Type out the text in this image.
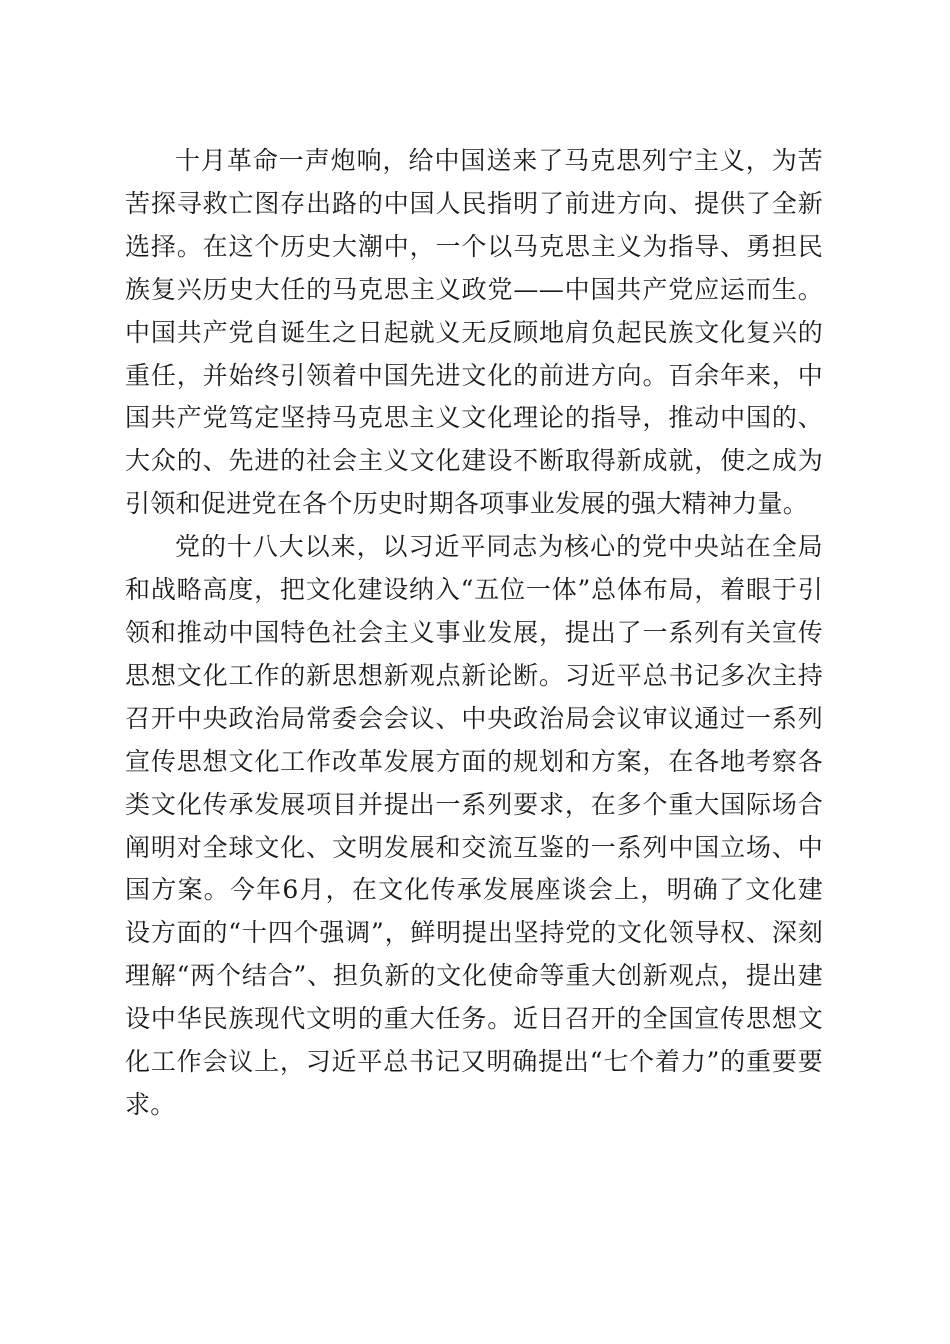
十月革命一声炮响，给中国送来了马克思列宁主义，为苦苦探寻救亡图存出路的中国人民指明了前进方向、提供了全新选择。在这个历史大潮中，一个以马克思主义为指导、勇担民族复兴历史大任的马克思主义政党——中国共产党应运而生。中国共产党自诞生之日起就义无反顾地肩负起民族文化复兴的重任，并始终引领着中国先进文化的前进方向。百余年来，中国共产党笃定坚持马克思主义文化理论的指导，推动中国的、大众的、先进的社会主义文化建设不断取得新成就，使之成为引领和促进党在各个历史时期各项事业发展的强大精神力量。

党的十八大以来，以习近平同志为核心的党中央站在全局和战略高度，把文化建设纳入“五位一体”总体布局，着眼于引领和推动中国特色社会主义事业发展，提出了一系列有关宣传思想文化工作的新思想新观点新论断。习近平总书记多次主持召开中央政治局常委会会议、中央政治局会议审议通过一系列宣传思想文化工作改革发展方面的规划和方案，在各地考察各类文化传承发展项目并提出一系列要求，在多个重大国际场合阐明对全球文化、文明发展和交流互鉴的一系列中国立场、中国方案。今年6月，在文化传承发展座谈会上，明确了文化建设方面的“十四个强调”，鲜明提出坚持党的文化领导权、深刻理解“两个结合”、担负新的文化使命等重大创新观点，提出建设中华民族现代文明的重大任务。近日召开的全国宣传思想文化工作会议上，习近平总书记又明确提出“七个着力”的重要要求。
